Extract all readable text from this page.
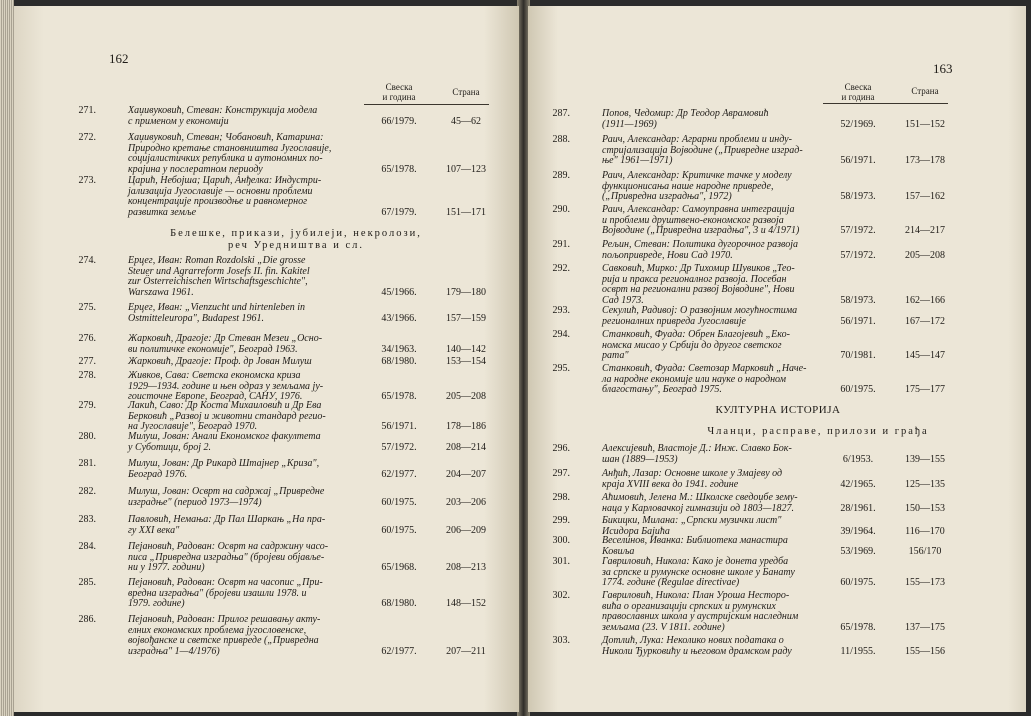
162
Свеска
и година	Страна
271.	Хаџивуковић, Стеван: Конструкција модела
с применом у економији	66/1979.	45—62
272.	Хаџивуковић, Стеван; Чобановић, Катарина:
Природно кретање становништва Југославије,
социјалистичких република и аутономних по-
крајина у послератном периоду	65/1978.	107—123
273.	Царић, Небојша; Царић, Анђелка: Индустри-
јализација Југославије — основни проблеми
концентрације производње и равномерног
развитка земље	67/1979.	151—171
Белешке, прикази, јубилеји, некролози,
реч Уредништва и сл.
274.	Ерцег, Иван: Roman Rozdolski „Die grosse
Steuer und Agrarreform Josefs II. fin. Kakitel
zur Österreichischen Wirtschaftsgeschichte",
Warszawa 1961.	45/1966.	179—180
275.	Ерцег, Иван: „Vienzucht und hirtenleben in
Ostmitteleuropa", Budapest 1961.	43/1966.	157—159
276.	Жарковић, Драгоје: Др Стеван Мезеи „Осно-
ви политичке економије", Београд 1963.	34/1963.	140—142
277.	Жарковић, Драгоје: Проф. др Јован Милуш	68/1980.	153—154
278.	Живков, Сава: Светска економска криза
1929—1934. године и њен одраз у земљама ју-
гоисточне Европе, Београд, САНУ, 1976.	65/1978.	205—208
279.	Лакић, Саво: Др Коста Михаиловић и Др Ева
Берковић „Развој и животни стандард регио-
на Југославије", Београд 1970.	56/1971.	178—186
280.	Милуш, Јован: Анали Економског факултета
у Суботици, број 2.	57/1972.	208—214
281.	Милуш, Јован: Др Рикард Штајнер „Криза",
Београд 1976.	62/1977.	204—207
282.	Милуш, Јован: Осврт на садржај „Привредне
изградње" (период 1973—1974)	60/1975.	203—206
283.	Павловић, Немања: Др Пал Шаркањ „На пра-
гу XXI века"	60/1975.	206—209
284.	Пејановић, Радован: Осврт на садржину часо-
писа „Привредна изградња" (бројеви објавље-
ни у 1977. години)	65/1968.	208—213
285.	Пејановић, Радован: Осврт на часопис „При-
вредна изградња" (бројеви изашли 1978. и
1979. године)	68/1980.	148—152
286.	Пејановић, Радован: Прилог решавању акту-
елних економских проблема југословенске,
војвођанске и светске привреде („Привредна
изградња" 1—4/1976)	62/1977.	207—211
163
Свеска
и година
Страна
287.	Попов, Чедомир: Др Теодор Аврамовић
(1911—1969)	52/1969.	151—152
288.	Раич, Александар: Аграрни проблеми и инду-
стријализација Војводине („Привредне изград-
ње" 1961—1971)	56/1971.	173—178
289.	Раич, Александар: Критичке тачке у моделу
функционисања наше народне привреде,
(„Привредна изградња", 1972)	58/1973.	157—162
290.	Раич, Александар: Самоуправна интеграција
и проблеми друштвено-економског развоја
Војводине („Привредна изградња", 3 и 4/1971)	57/1972.	214—217
291.	Рељин, Стеван: Политика дугорочног развоја
пољопривреде, Нови Сад 1970.	57/1972.	205—208
292.	Савковић, Мирко: Др Тихомир Шувиков „Тео-
рија и пракса регионалног развоја. Посебан
осврт на регионални развој Војводине", Нови
Сад 1973.	58/1973.	162—166
293.	Секулић, Радивој: О развојним могућностима
регионалних привреда Југославије	56/1971.	167—172
294.	Станковић, Фуада: Обрен Благојевић „Еко-
номска мисао у Србији до другог светског
рата"	70/1981.	145—147
295.	Станковић, Фуада: Светозар Марковић „Наче-
ла народне економије или науке о народном
благостању", Београд 1975.	60/1975.	175—177
КУЛТУРНА ИСТОРИЈА
Чланци, расправе, прилози и грађа
296.	Алексијевић, Властоје Д.: Инж. Славко Бок-
шан (1889—1953)	6/1953.	139—155
297.	Анђић, Лазар: Основне школе у Змајеву од
краја XVIII века до 1941. године	42/1965.	125—135
298.	Аћимовић, Јелена М.: Школске сведоџбе зему-
наца у Карловачкој гимназији од 1803—1827.	28/1961.	150—153
299.	Бикицки, Милана: „Српски музички лист"
Исидора Бајића	39/1964.	116—170
300.	Веселинов, Иванка: Библиотека манастира
Ковиља	53/1969.	156/170
301.	Гавриловић, Никола: Како је донета уредба
за српске и румунске основне школе у Банату
1774. године (Regulae directivae)	60/1975.	155—173
302.	Гавриловић, Никола: План Урошa Несторо-
вића о организацији српских и румунских
православних школа у аустријским наследним
земљама (23. V 1811. године)	65/1978.	137—175
303.	Дотлић, Лука: Неколико нових података о
Николи Ђурковићу и његовом драмском раду	11/1955.	155—156
